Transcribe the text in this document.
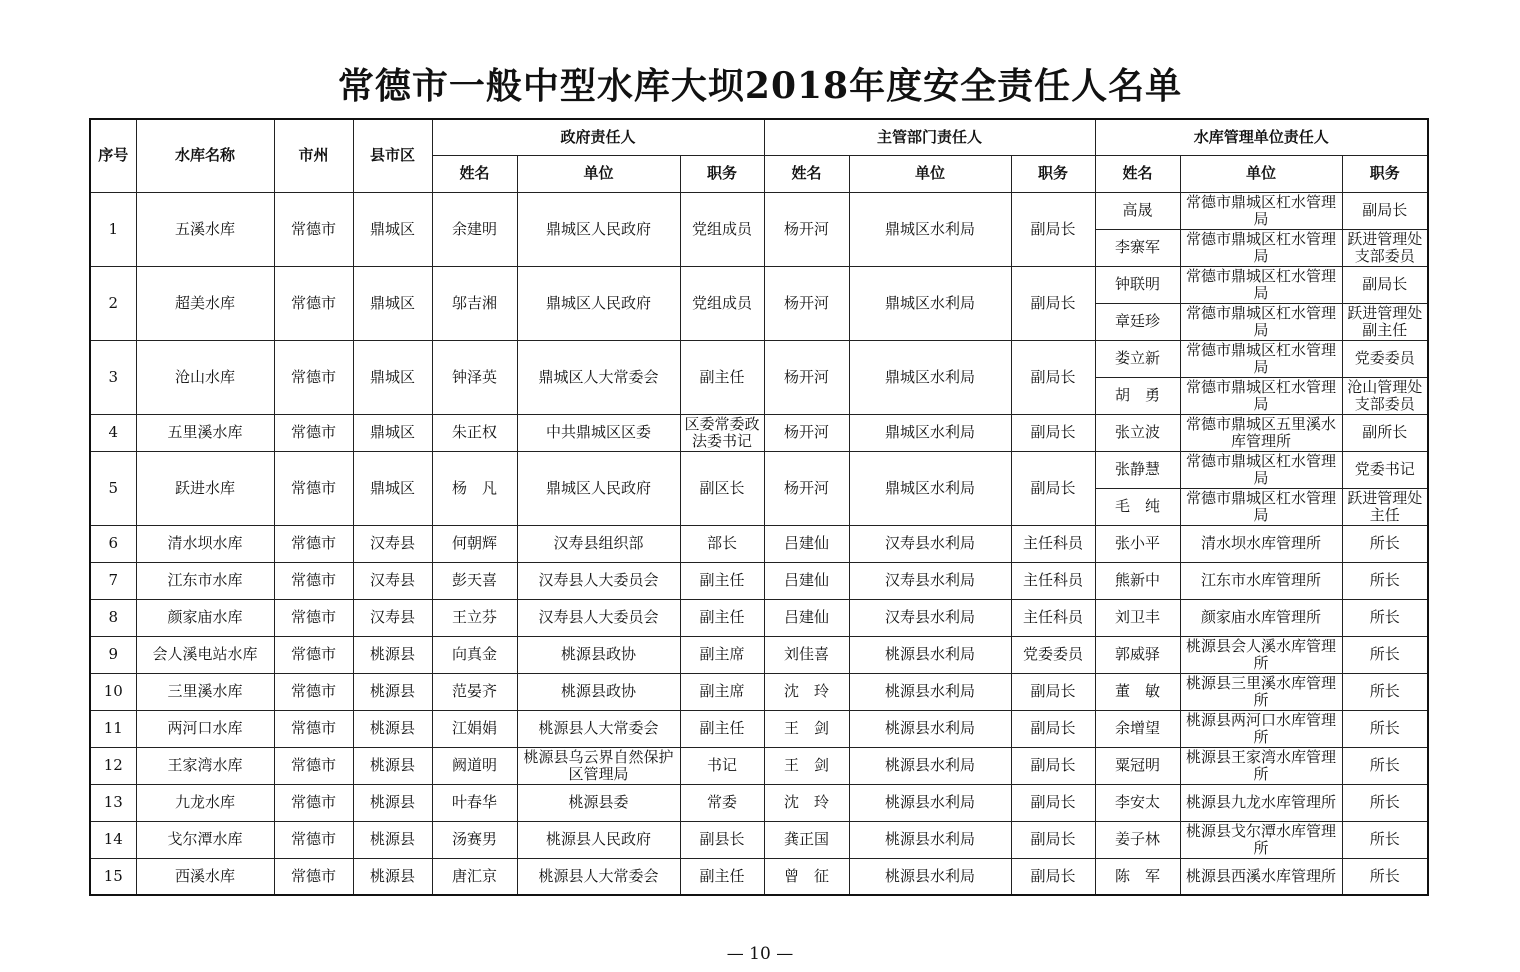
常德市一般中型水库大坝2018年度安全责任人名单
序号	水库名称	市州	县市区	政府责任人			主管部门责任人			水库管理单位责任人		
				姓名	单位	职务	姓名	单位	职务	姓名	单位	职务
1	五溪水库	常德市	鼎城区	余建明	鼎城区人民政府	党组成员	杨开河	鼎城区水利局	副局长	高晟	常德市鼎城区杠水管理局	副局长
										李寨军	常德市鼎城区杠水管理局	跃进管理处支部委员
2	超美水库	常德市	鼎城区	邬吉湘	鼎城区人民政府	党组成员	杨开河	鼎城区水利局	副局长	钟联明	常德市鼎城区杠水管理局	副局长
										章廷珍	常德市鼎城区杠水管理局	跃进管理处副主任
3	沧山水库	常德市	鼎城区	钟泽英	鼎城区人大常委会	副主任	杨开河	鼎城区水利局	副局长	娄立新	常德市鼎城区杠水管理局	党委委员
										胡　勇	常德市鼎城区杠水管理局	沧山管理处支部委员
4	五里溪水库	常德市	鼎城区	朱正权	中共鼎城区区委	区委常委政法委书记	杨开河	鼎城区水利局	副局长	张立波	常德市鼎城区五里溪水库管理所	副所长
5	跃进水库	常德市	鼎城区	杨　凡	鼎城区人民政府	副区长	杨开河	鼎城区水利局	副局长	张静慧	常德市鼎城区杠水管理局	党委书记
										毛　纯	常德市鼎城区杠水管理局	跃进管理处主任
6	清水坝水库	常德市	汉寿县	何朝辉	汉寿县组织部	部长	吕建仙	汉寿县水利局	主任科员	张小平	清水坝水库管理所	所长
7	江东市水库	常德市	汉寿县	彭天喜	汉寿县人大委员会	副主任	吕建仙	汉寿县水利局	主任科员	熊新中	江东市水库管理所	所长
8	颜家庙水库	常德市	汉寿县	王立芬	汉寿县人大委员会	副主任	吕建仙	汉寿县水利局	主任科员	刘卫丰	颜家庙水库管理所	所长
9	会人溪电站水库	常德市	桃源县	向真金	桃源县政协	副主席	刘佳喜	桃源县水利局	党委委员	郭威驿	桃源县会人溪水库管理所	所长
10	三里溪水库	常德市	桃源县	范晏齐	桃源县政协	副主席	沈　玲	桃源县水利局	副局长	董　敏	桃源县三里溪水库管理所	所长
11	两河口水库	常德市	桃源县	江娟娟	桃源县人大常委会	副主任	王　剑	桃源县水利局	副局长	余增望	桃源县两河口水库管理所	所长
12	王家湾水库	常德市	桃源县	阙道明	桃源县乌云界自然保护区管理局	书记	王　剑	桃源县水利局	副局长	粟冠明	桃源县王家湾水库管理所	所长
13	九龙水库	常德市	桃源县	叶春华	桃源县委	常委	沈　玲	桃源县水利局	副局长	李安太	桃源县九龙水库管理所	所长
14	戈尔潭水库	常德市	桃源县	汤赛男	桃源县人民政府	副县长	龚正国	桃源县水利局	副局长	姜子林	桃源县戈尔潭水库管理所	所长
15	西溪水库	常德市	桃源县	唐汇京	桃源县人大常委会	副主任	曾　征	桃源县水利局	副局长	陈　军	桃源县西溪水库管理所	所长
— 10 —
